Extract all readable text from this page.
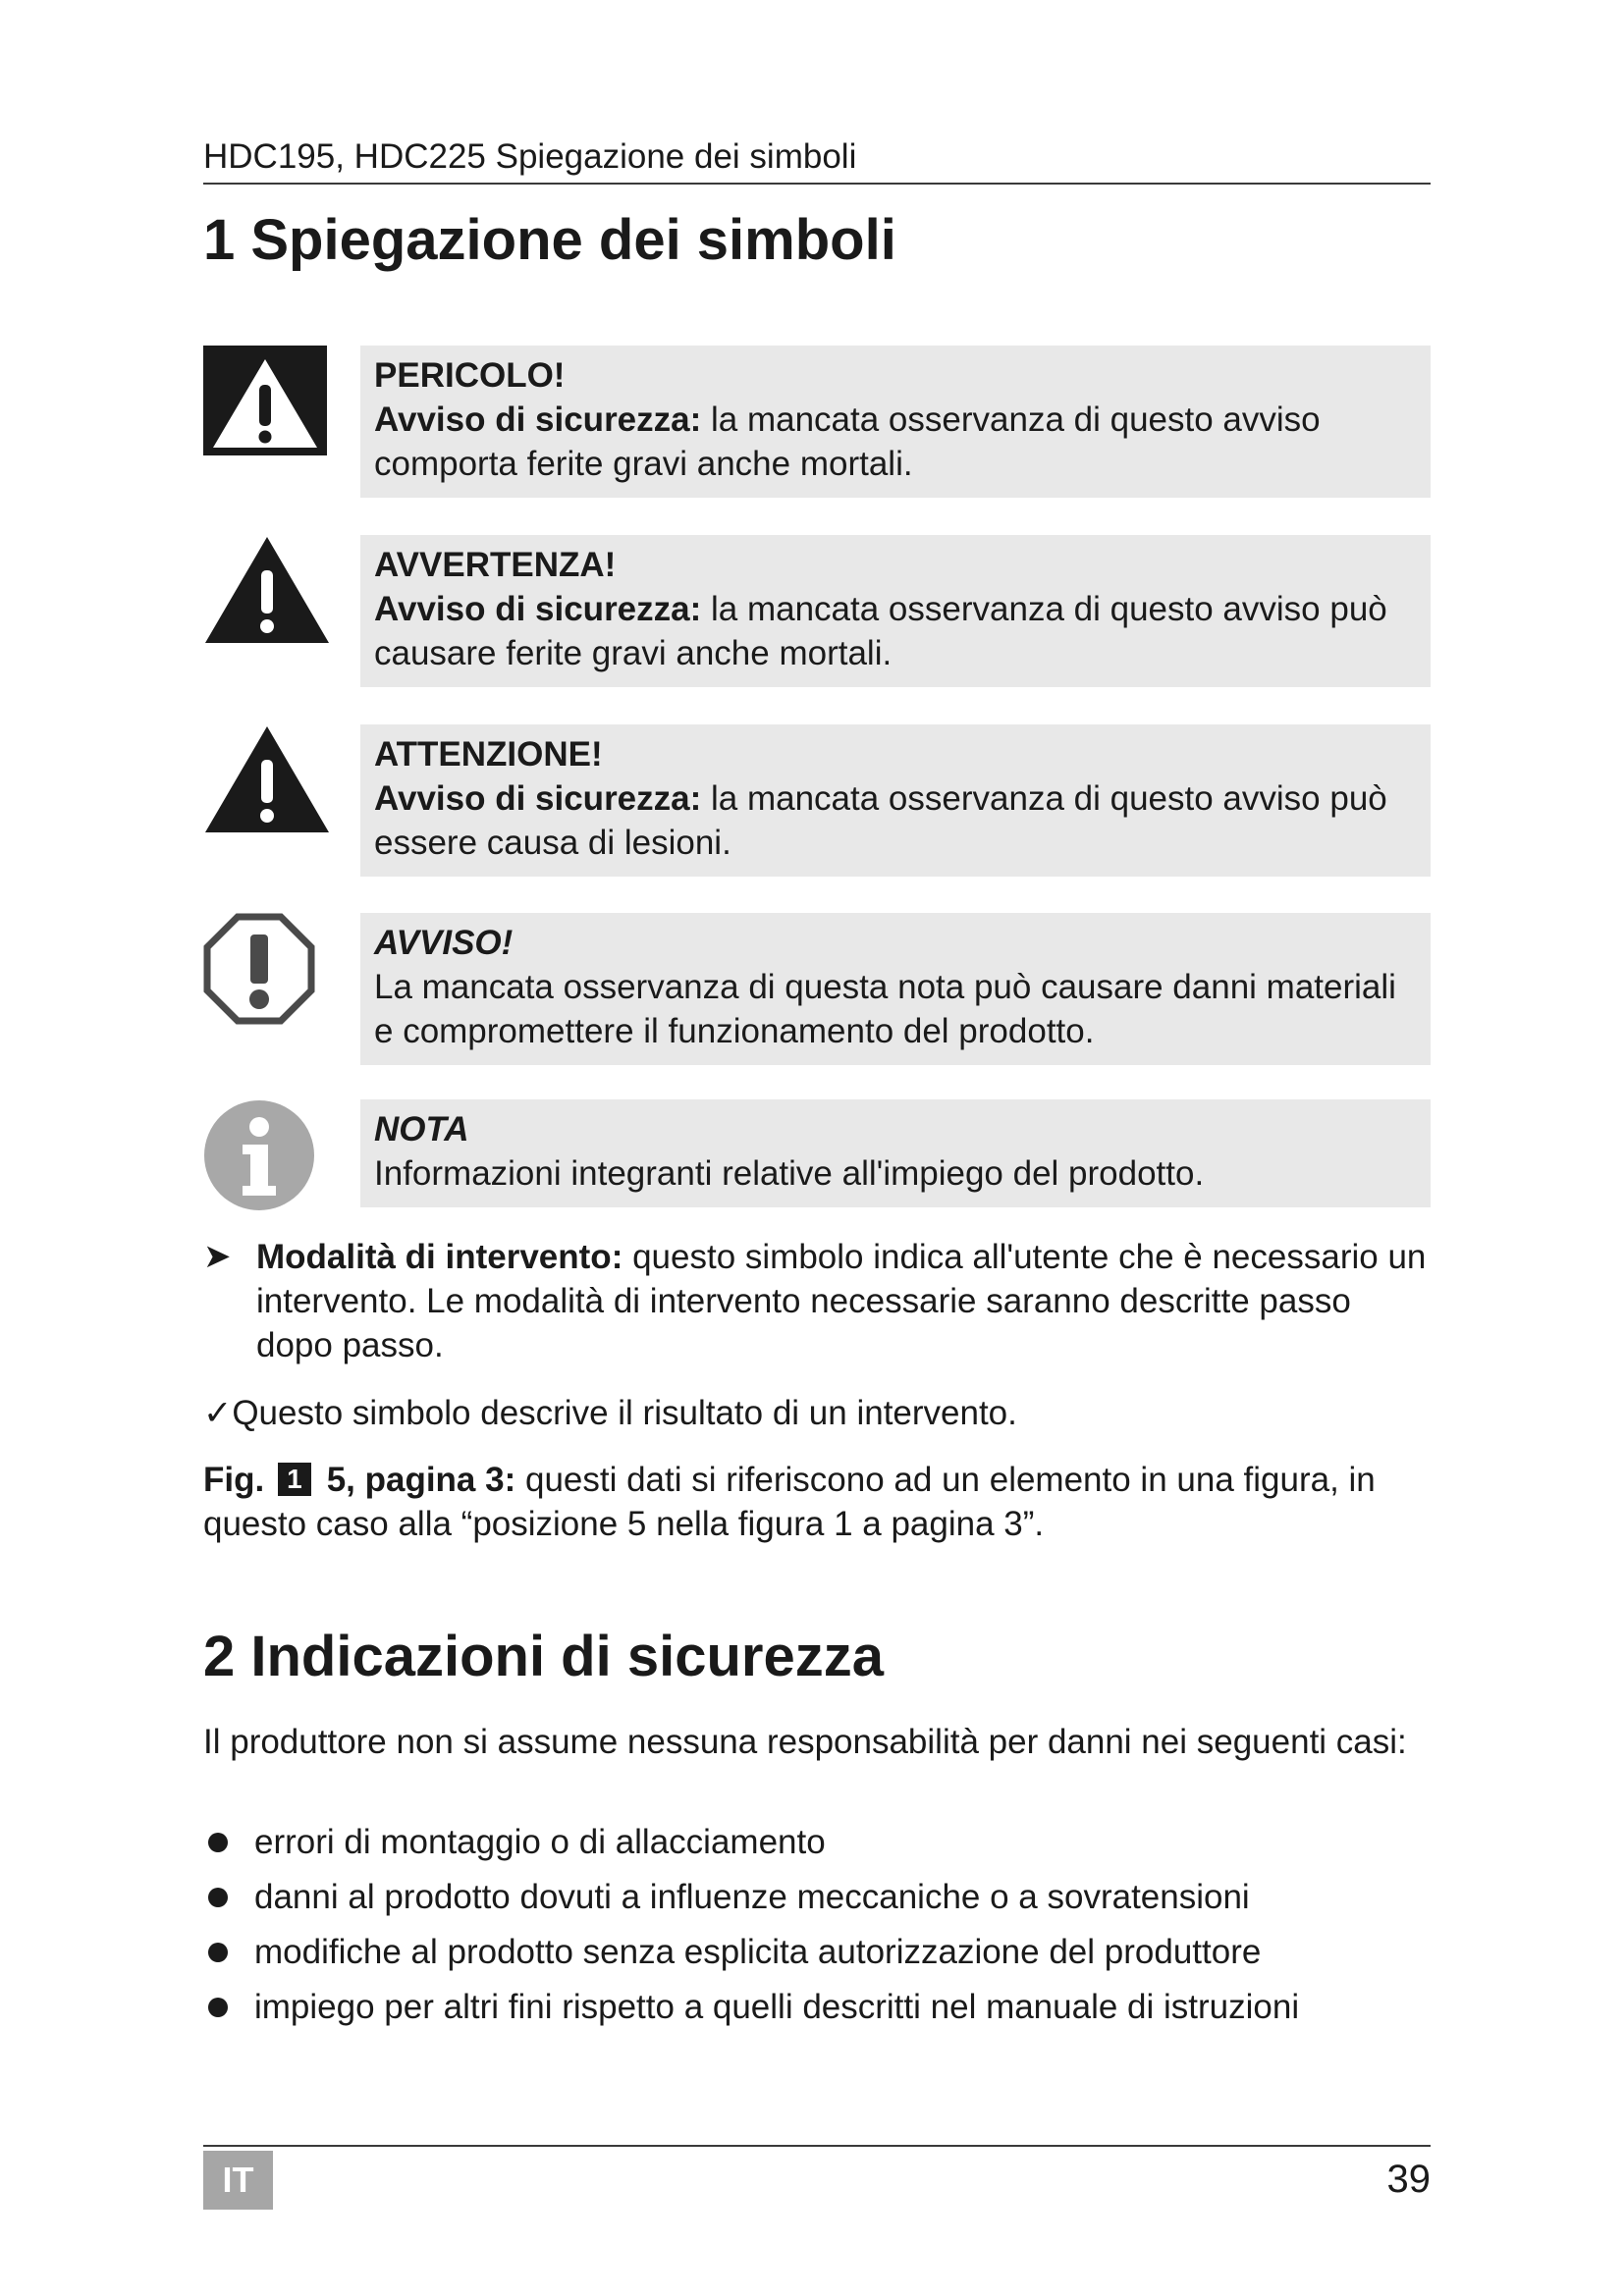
HDC195, HDC225 Spiegazione dei simboli
1 Spiegazione dei simboli
PERICOLO!
Avviso di sicurezza: la mancata osservanza di questo avviso comporta ferite gravi anche mortali.
AVVERTENZA!
Avviso di sicurezza: la mancata osservanza di questo avviso può causare ferite gravi anche mortali.
ATTENZIONE!
Avviso di sicurezza: la mancata osservanza di questo avviso può essere causa di lesioni.
AVVISO!
La mancata osservanza di questa nota può causare danni materiali e compromettere il funzionamento del prodotto.
NOTA
Informazioni integranti relative all'impiego del prodotto.
➤ Modalità di intervento: questo simbolo indica all'utente che è necessario un intervento. Le modalità di intervento necessarie saranno descritte passo dopo passo.
✓Questo simbolo descrive il risultato di un intervento.
Fig. 1 5, pagina 3: questi dati si riferiscono ad un elemento in una figura, in questo caso alla “posizione 5 nella figura 1 a pagina 3”.
2 Indicazioni di sicurezza

Il produttore non si assume nessuna responsabilità per danni nei seguenti casi:

errori di montaggio o di allacciamento
danni al prodotto dovuti a influenze meccaniche o a sovratensioni
modifiche al prodotto senza esplicita autorizzazione del produttore
impiego per altri fini rispetto a quelli descritti nel manuale di istruzioni
IT	39
